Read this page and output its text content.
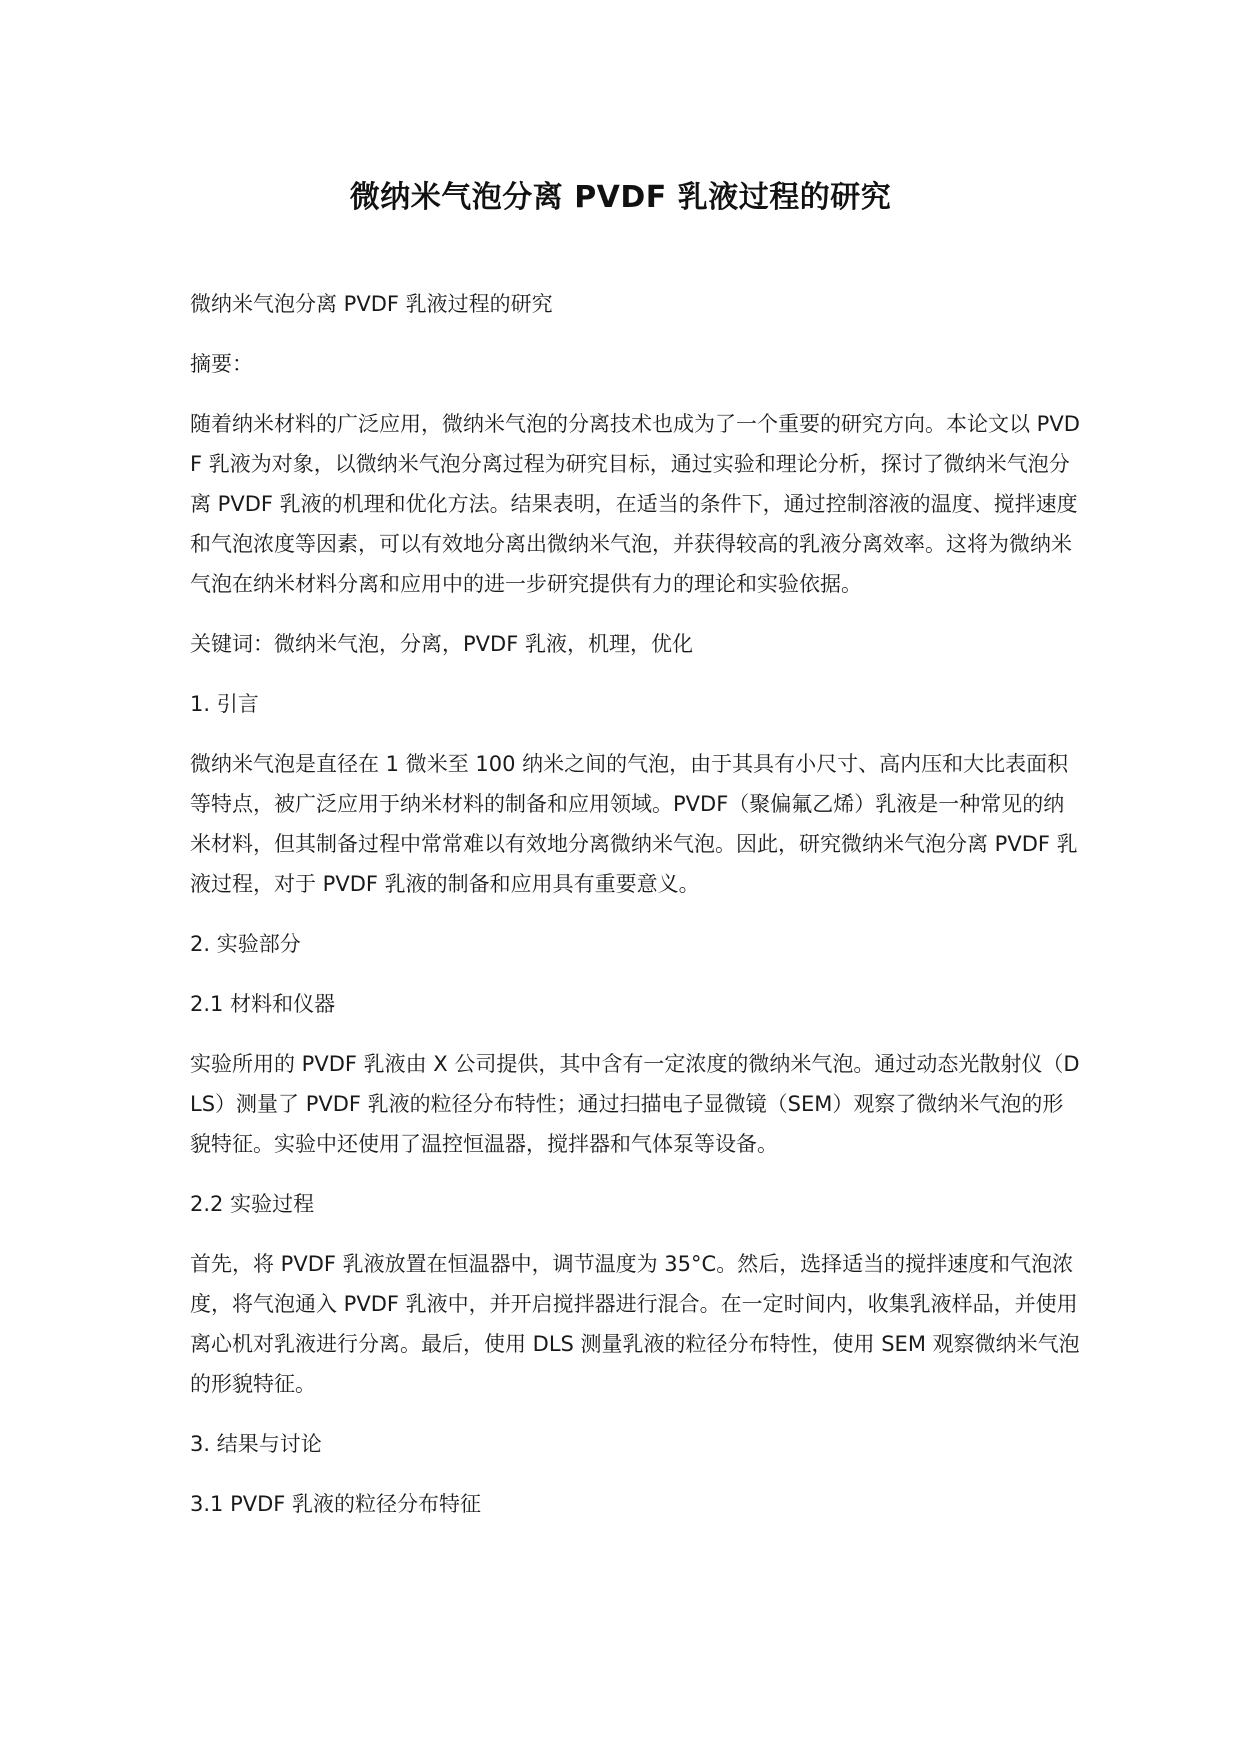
微纳米气泡分离 PVDF 乳液过程的研究

微纳米气泡分离 PVDF 乳液过程的研究

摘要：

随着纳米材料的广泛应用，微纳米气泡的分离技术也成为了一个重要的研究方向。本论文以 PVDF 乳液为对象，以微纳米气泡分离过程为研究目标，通过实验和理论分析，探讨了微纳米气泡分离 PVDF 乳液的机理和优化方法。结果表明，在适当的条件下，通过控制溶液的温度、搅拌速度和气泡浓度等因素，可以有效地分离出微纳米气泡，并获得较高的乳液分离效率。这将为微纳米气泡在纳米材料分离和应用中的进一步研究提供有力的理论和实验依据。

关键词：微纳米气泡，分离，PVDF 乳液，机理，优化

1. 引言

微纳米气泡是直径在 1 微米至 100 纳米之间的气泡，由于其具有小尺寸、高内压和大比表面积等特点，被广泛应用于纳米材料的制备和应用领域。PVDF（聚偏氟乙烯）乳液是一种常见的纳米材料，但其制备过程中常常难以有效地分离微纳米气泡。因此，研究微纳米气泡分离 PVDF 乳液过程，对于 PVDF 乳液的制备和应用具有重要意义。

2. 实验部分

2.1 材料和仪器

实验所用的 PVDF 乳液由 X 公司提供，其中含有一定浓度的微纳米气泡。通过动态光散射仪（DLS）测量了 PVDF 乳液的粒径分布特性；通过扫描电子显微镜（SEM）观察了微纳米气泡的形貌特征。实验中还使用了温控恒温器，搅拌器和气体泵等设备。

2.2 实验过程

首先，将 PVDF 乳液放置在恒温器中，调节温度为 35°C。然后，选择适当的搅拌速度和气泡浓度，将气泡通入 PVDF 乳液中，并开启搅拌器进行混合。在一定时间内，收集乳液样品，并使用离心机对乳液进行分离。最后，使用 DLS 测量乳液的粒径分布特性，使用 SEM 观察微纳米气泡的形貌特征。

3. 结果与讨论

3.1 PVDF 乳液的粒径分布特征
